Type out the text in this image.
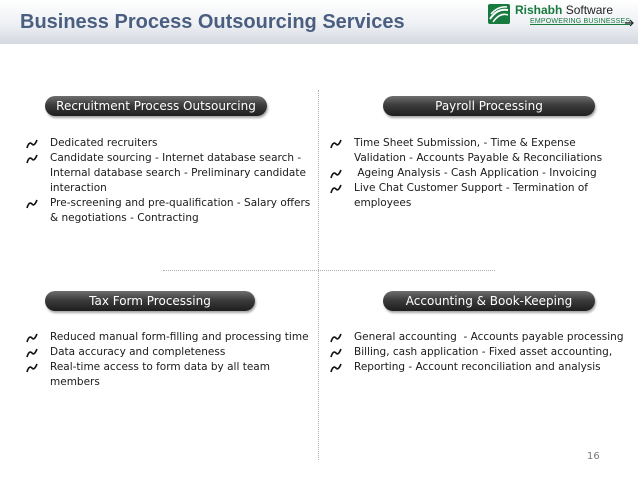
Business Process Outsourcing Services
Rishabh Software
EMPOWERING BUSINESSES
Recruitment Process Outsourcing
Dedicated recruiters
Candidate sourcing - Internet database search - Internal database search - Preliminary candidate interaction
Pre-screening and pre-qualification - Salary offers & negotiations - Contracting
Payroll Processing
Time Sheet Submission, - Time & Expense Validation - Accounts Payable & Reconciliations
Ageing Analysis - Cash Application - Invoicing
Live Chat Customer Support - Termination of employees
Tax Form Processing
Reduced manual form-filling and processing time
Data accuracy and completeness
Real-time access to form data by all team members
Accounting & Book-Keeping
General accounting  - Accounts payable processing
Billing, cash application - Fixed asset accounting,
Reporting - Account reconciliation and analysis
16
